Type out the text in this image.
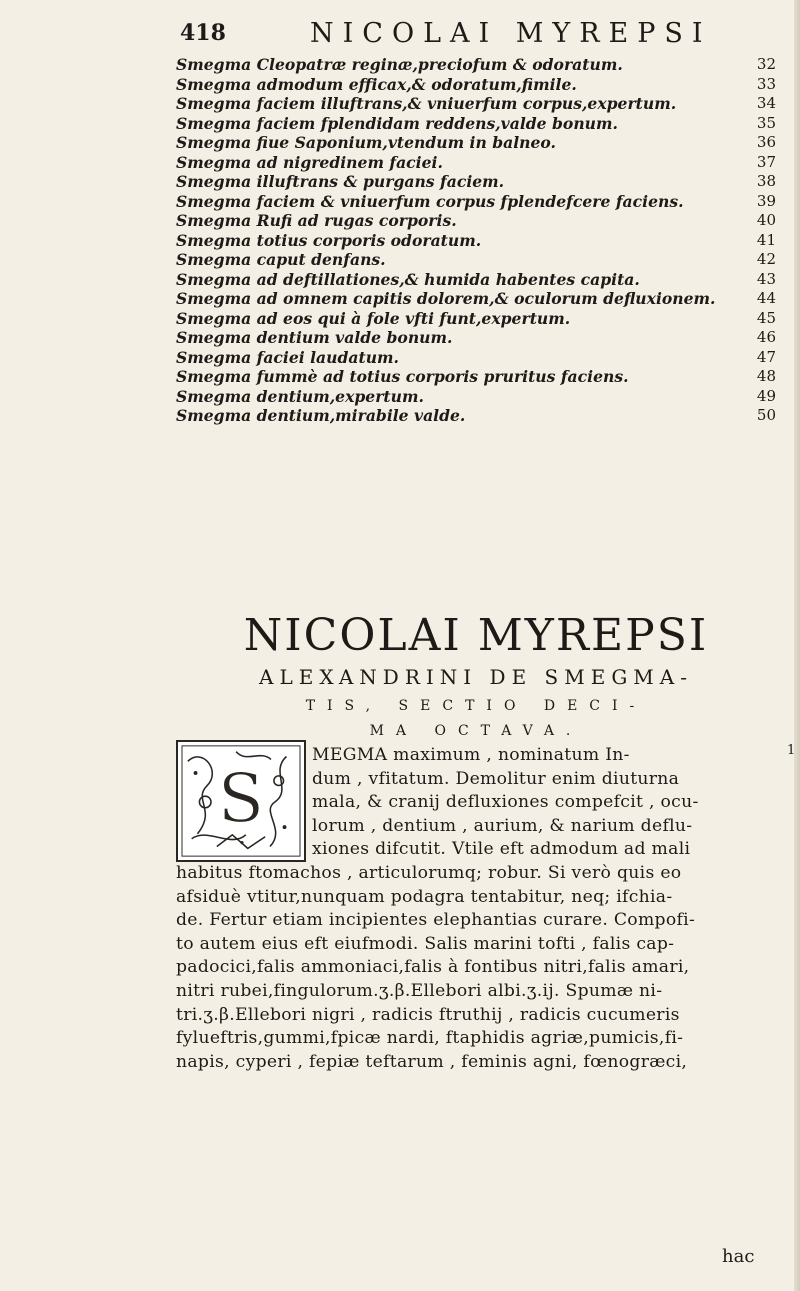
418	NICOLAI MYREPSI
Smegma Cleopatræ reginæ,preciofum & odoratum.	32
Smegma admodum efficax,& odoratum,fimile.	33
Smegma faciem illuftrans,& vniuerfum corpus,expertum.	34
Smegma faciem fplendidam reddens,valde bonum.	35
Smegma fiue Saponium,vtendum in balneo.	36
Smegma ad nigredinem faciei.	37
Smegma illuftrans & purgans faciem.	38
Smegma faciem & vniuerfum corpus fplendefcere faciens.	39
Smegma Rufi ad rugas corporis.	40
Smegma totius corporis odoratum.	41
Smegma caput denfans.	42
Smegma ad deftillationes,& humida habentes capita.	43
Smegma ad omnem capitis dolorem,& oculorum defluxionem.	44
Smegma ad eos qui à fole vfti funt,expertum.	45
Smegma dentium valde bonum.	46
Smegma faciei laudatum.	47
Smegma fummè ad totius corporis pruritus faciens.	48
Smegma dentium,expertum.	49
Smegma dentium,mirabile valde.	50
NICOLAI MYREPSI
ALEXANDRINI DE SMEGMA-
TIS, SECTIO DECI-
MA OCTAVA.
S
MEGMA maximum , nominatum In-
dum , vfitatum. Demolitur enim diuturna
mala, & cranij defluxiones compefcit , ocu-
lorum , dentium , aurium, & narium deflu-
xiones difcutit. Vtile eft admodum ad mali
habitus ftomachos , articulorumq; robur. Si verò quis eo
afsiduè vtitur,nunquam podagra tentabitur, neq; ifchia-
de. Fertur etiam incipientes elephantias curare. Compofi-
to autem eius eft eiufmodi. Salis marini tofti , falis cap-
padocici,falis ammoniaci,falis à fontibus nitri,falis amari,
nitri rubei,fingulorum.ʒ.β.Ellebori albi.ʒ.ij. Spumæ ni-
tri.ʒ.β.Ellebori nigri , radicis ftruthij , radicis cucumeris
fylueftris,gummi,fpicæ nardi, ftaphidis agriæ,pumicis,fi-
napis, cyperi , fepiæ teftarum , feminis agni, fœnogræci,
1
hac
